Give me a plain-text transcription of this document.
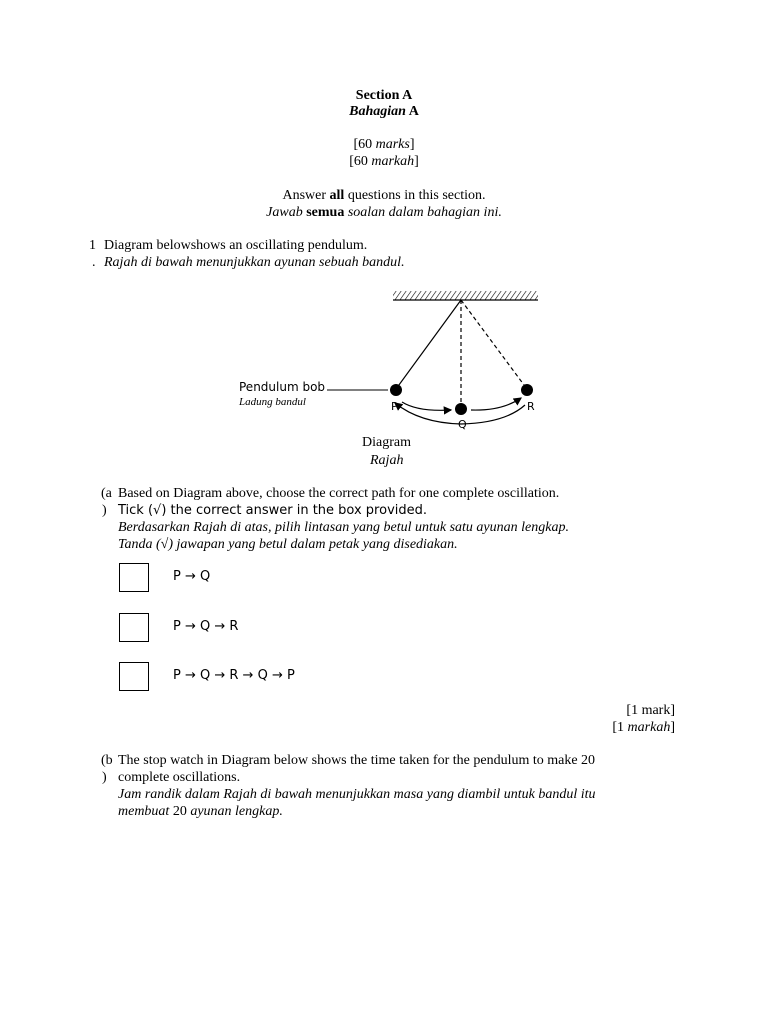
Section A
Bahagian A
[60 marks]
[60 markah]
Answer all questions in this section.
Jawab semua soalan dalam bahagian ini.
1
.
Diagram belowshows an oscillating pendulum.
Rajah di bawah menunjukkan ayunan sebuah bandul.
Pendulum bob
Ladung bandul	P
Q
R
Diagram
Rajah
(a
)
Based on Diagram above, choose the correct path for one complete oscillation.
Tick (√) the correct answer in the box provided.
Berdasarkan Rajah di atas, pilih lintasan yang betul untuk satu ayunan lengkap.
Tanda (√) jawapan yang betul dalam petak yang disediakan.
P → Q
P → Q → R
P → Q → R → Q → P
[1 mark]
[1 markah]
(b
)
The stop watch in Diagram below shows the time taken for the pendulum to make 20
complete oscillations.
Jam randik dalam Rajah di bawah menunjukkan masa yang diambil untuk bandul itu
membuat 20 ayunan lengkap.
